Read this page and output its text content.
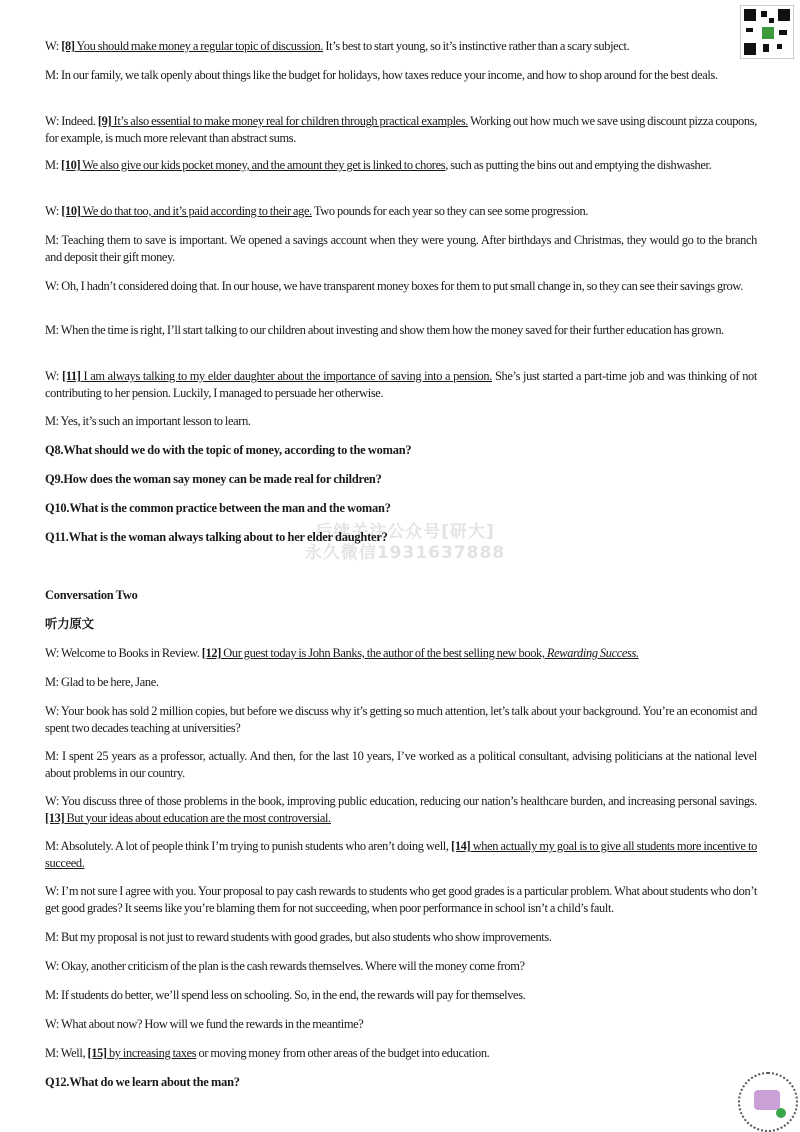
后续关注公众号[研大]
永久微信1931637888

W: [8] You should make money a regular topic of discussion. It’s best to start young, so it’s instinctive rather than a scary subject.

M: In our family, we talk openly about things like the budget for holidays, how taxes reduce your income, and how to shop around for the best deals.

W: Indeed. [9] It’s also essential to make money real for children through practical examples. Working out how much we save using discount pizza coupons, for example, is much more relevant than abstract sums.

M: [10] We also give our kids pocket money, and the amount they get is linked to chores, such as putting the bins out and emptying the dishwasher.

W: [10] We do that too, and it’s paid according to their age. Two pounds for each year so they can see some progression.

M: Teaching them to save is important. We opened a savings account when they were young. After birthdays and Christmas, they would go to the branch and deposit their gift money.

W: Oh, I hadn’t considered doing that. In our house, we have transparent money boxes for them to put small change in, so they can see their savings grow.

M: When the time is right, I’ll start talking to our children about investing and show them how the money saved for their further education has grown.

W: [11] I am always talking to my elder daughter about the importance of saving into a pension. She’s just started a part-time job and was thinking of not contributing to her pension. Luckily, I managed to persuade her otherwise.

M: Yes, it’s such an important lesson to learn.

Q8.What should we do with the topic of money, according to the woman?

Q9.How does the woman say money can be made real for children?

Q10.What is the common practice between the man and the woman?

Q11.What is the woman always talking about to her elder daughter?

Conversation Two

听力原文

W: Welcome to Books in Review. [12] Our guest today is John Banks, the author of the best selling new book, Rewarding Success.

M: Glad to be here, Jane.

W: Your book has sold 2 million copies, but before we discuss why it’s getting so much attention, let’s talk about your background. You’re an economist and spent two decades teaching at universities?

M: I spent 25 years as a professor, actually. And then, for the last 10 years, I’ve worked as a political consultant, advising politicians at the national level about problems in our country.

W: You discuss three of those problems in the book, improving public education, reducing our nation’s healthcare burden, and increasing personal savings. [13] But your ideas about education are the most controversial.

M: Absolutely. A lot of people think I’m trying to punish students who aren’t doing well, [14] when actually my goal is to give all students more incentive to succeed.

W: I’m not sure I agree with you. Your proposal to pay cash rewards to students who get good grades is a particular problem. What about students who don’t get good grades? It seems like you’re blaming them for not succeeding, when poor performance in school isn’t a child’s fault.

M: But my proposal is not just to reward students with good grades, but also students who show improvements.

W: Okay, another criticism of the plan is the cash rewards themselves. Where will the money come from?

M: If students do better, we’ll spend less on schooling. So, in the end, the rewards will pay for themselves.

W: What about now? How will we fund the rewards in the meantime?

M: Well, [15] by increasing taxes or moving money from other areas of the budget into education.

Q12.What do we learn about the man?
